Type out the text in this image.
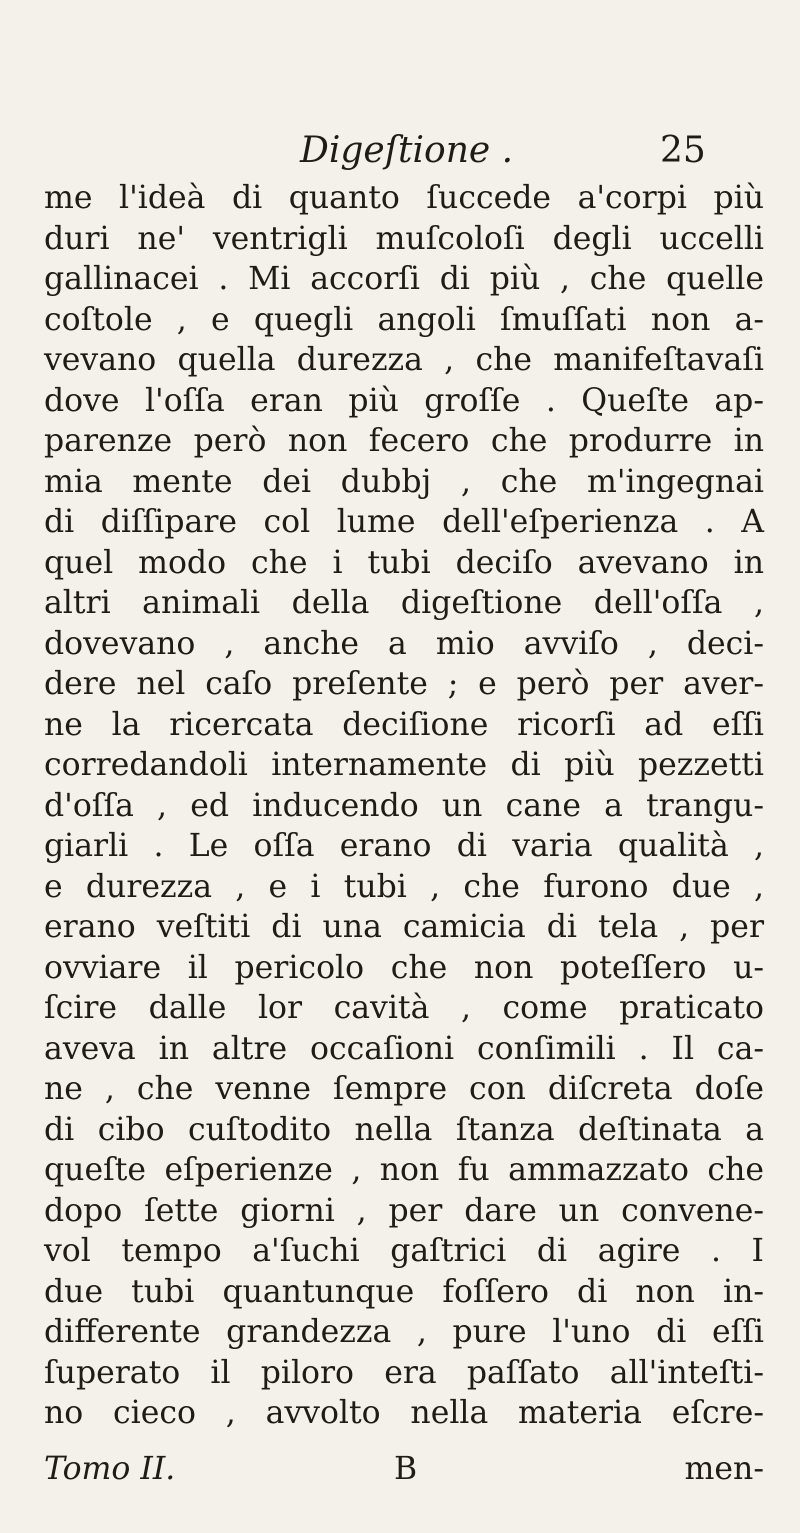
Digeſtione .	25
me l'ideà di quanto ſuccede a'corpi più
duri ne' ventrigli muſcoloſi degli uccelli
gallinacei . Mi accorſi di più , che quelle
coſtole , e quegli angoli ſmuſſati non a-
vevano quella durezza , che manifeſtavaſi
dove l'oſſa eran più groſſe . Queſte ap-
parenze però non fecero che produrre in
mia mente dei dubbj , che m'ingegnai
di diſſipare col lume dell'eſperienza . A
quel modo che i tubi deciſo avevano in
altri animali della digeſtione dell'oſſa ,
dovevano , anche a mio avviſo , deci-
dere nel caſo preſente ; e però per aver-
ne la ricercata deciſione ricorſi ad eſſi
corredandoli internamente di più pezzetti
d'oſſa , ed inducendo un cane a trangu-
giarli . Le oſſa erano di varia qualità ,
e durezza , e i tubi , che furono due ,
erano veſtiti di una camicia di tela , per
ovviare il pericolo che non poteſſero u-
ſcire dalle lor cavità , come praticato
aveva in altre occaſioni conſimili . Il ca-
ne , che venne ſempre con diſcreta doſe
di cibo cuſtodito nella ſtanza deſtinata a
queſte eſperienze , non fu ammazzato che
dopo ſette giorni , per dare un convene-
vol tempo a'ſuchi gaſtrici di agire . I
due tubi quantunque foſſero di non in-
differente grandezza , pure l'uno di eſſi
ſuperato il piloro era paſſato all'inteſti-
no cieco , avvolto nella materia eſcre-
Tomo II.	B	men-
